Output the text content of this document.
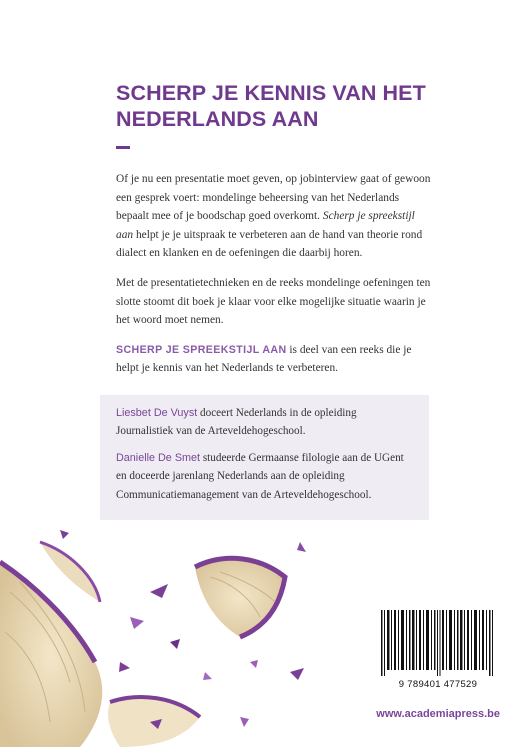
SCHERP JE KENNIS VAN HET NEDERLANDS AAN

Of je nu een presentatie moet geven, op jobinterview gaat of gewoon een gesprek voert: mondelinge beheersing van het Nederlands bepaalt mee of je boodschap goed overkomt. Scherp je spreekstijl aan helpt je je uitspraak te verbeteren aan de hand van theorie rond dialect en klanken en de oefeningen die daarbij horen.

Met de presentatietechnieken en de reeks mondelinge oefeningen ten slotte stoomt dit boek je klaar voor elke mogelijke situatie waarin je het woord moet nemen.

SCHERP JE SPREEKSTIJL AAN is deel van een reeks die je helpt je kennis van het Nederlands te verbeteren.

Liesbet De Vuyst doceert Nederlands in de opleiding Journalistiek van de Arteveldehogeschool.

Danielle De Smet studeerde Germaanse filologie aan de UGent en doceerde jarenlang Nederlands aan de opleiding Communicatiemanagement van de Arteveldehogeschool.

9 789401 477529
www.academiapress.be
